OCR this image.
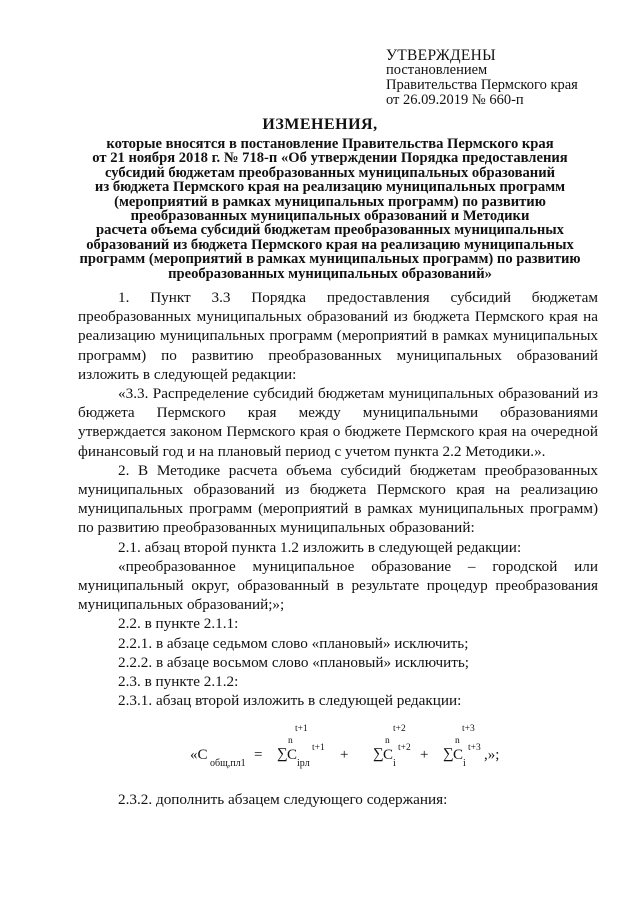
УТВЕРЖДЕНЫ
постановлением
Правительства Пермского края
от 26.09.2019 № 660-п
ИЗМЕНЕНИЯ,
которые вносятся в постановление Правительства Пермского края
от 21 ноября 2018 г. № 718-п «Об утверждении Порядка предоставления
субсидий бюджетам преобразованных муниципальных образований
из бюджета Пермского края на реализацию муниципальных программ
(мероприятий в рамках муниципальных программ) по развитию
преобразованных муниципальных образований и Методики
расчета объема субсидий бюджетам преобразованных муниципальных
образований из бюджета Пермского края на реализацию муниципальных
программ (мероприятий в рамках муниципальных программ) по развитию
преобразованных муниципальных образований»

1. Пункт 3.3 Порядка предоставления субсидий бюджетам преобразованных муниципальных образований из бюджета Пермского края на реализацию муниципальных программ (мероприятий в рамках муниципальных программ) по развитию преобразованных муниципальных образований изложить в следующей редакции:

«3.3. Распределение субсидий бюджетам муниципальных образований из бюджета Пермского края между муниципальными образованиями утверждается законом Пермского края о бюджете Пермского края на очередной финансовый год и на плановый период с учетом пункта 2.2 Методики.».

2. В Методике расчета объема субсидий бюджетам преобразованных муниципальных образований из бюджета Пермского края на реализацию муниципальных программ (мероприятий в рамках муниципальных программ) по развитию преобразованных муниципальных образований:

2.1. абзац второй пункта 1.2 изложить в следующей редакции:

«преобразованное муниципальное образование – городской или муниципальный округ, образованный в результате процедур преобразования муниципальных образований;»;

2.2. в пункте 2.1.1:

2.2.1. в абзаце седьмом слово «плановый» исключить;

2.2.2. в абзаце восьмом слово «плановый» исключить;

2.3. в пункте 2.1.2:

2.3.1. абзац второй изложить в следующей редакции:

t+1
n
t+2
n
t+3
n
«С
общ,пл1
= ∑ С
ipл
t+1 + ∑ С
i
t+2 + ∑ С
i
t+3 ,»;

2.3.2. дополнить абзацем следующего содержания:
